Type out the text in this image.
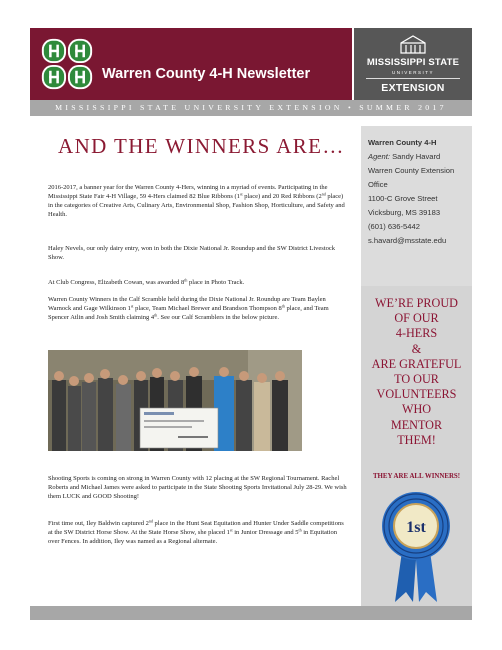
Warren County 4-H Newsletter
MISSISSIPPI STATE
UNIVERSITY
EXTENSION
MISSISSIPPI STATE UNIVERSITY EXTENSION • SUMMER 2017
AND THE WINNERS ARE…
2016-2017, a banner year for the Warren County 4-Hers, winning in a myriad of events. Participating in the Mississippi State Fair 4-H Village, 59 4-Hers claimed 82 Blue Ribbons (1st place) and 20 Red Ribbons (2nd place) in the categories of Creative Arts, Culinary Arts, Environmental Shop, Fashion Shop, Horticulture, and Safety and Health.
Haley Nevels, our only dairy entry, won in both the Dixie National Jr. Roundup and the SW District Livestock Show.
At Club Congress, Elizabeth Cowan, was awarded 8th place in Photo Track.
Warren County Winners in the Calf Scramble held during the Dixie National Jr. Roundup are Team Baylen Warnock and Gage Wilkinson 1st place, Team Michael Brewer and Brandson Thompson 8th place, and Team Spencer Atlin and Josh Smith claiming 4th. See our Calf Scramblers in the below picture.
Shooting Sports is coming on strong in Warren County with 12 placing at the SW Regional Tournament. Rachel Roberts and Michael James were asked to participate in the State Shooting Sports Invitational July 28-29. We wish them LUCK and GOOD Shooting!
First time out, Iley Baldwin captured 2nd place in the Hunt Seat Equitation and Hunter Under Saddle competitions at the SW District Horse Show. At the State Horse Show, she placed 1st in Junior Dressage and 5th in Equitation over Fences. In addition, Iley was named as a Regional alternate.
Warren County 4-H
Agent: Sandy Havard
Warren County Extension
Office
1100-C Grove Street
Vicksburg, MS 39183
(601) 636-5442
s.havard@msstate.edu
WE’RE PROUD
OF OUR
4-HERS
&
ARE GRATEFUL
TO OUR
VOLUNTEERS
WHO
MENTOR
THEM!
THEY ARE ALL WINNERS!
1st
